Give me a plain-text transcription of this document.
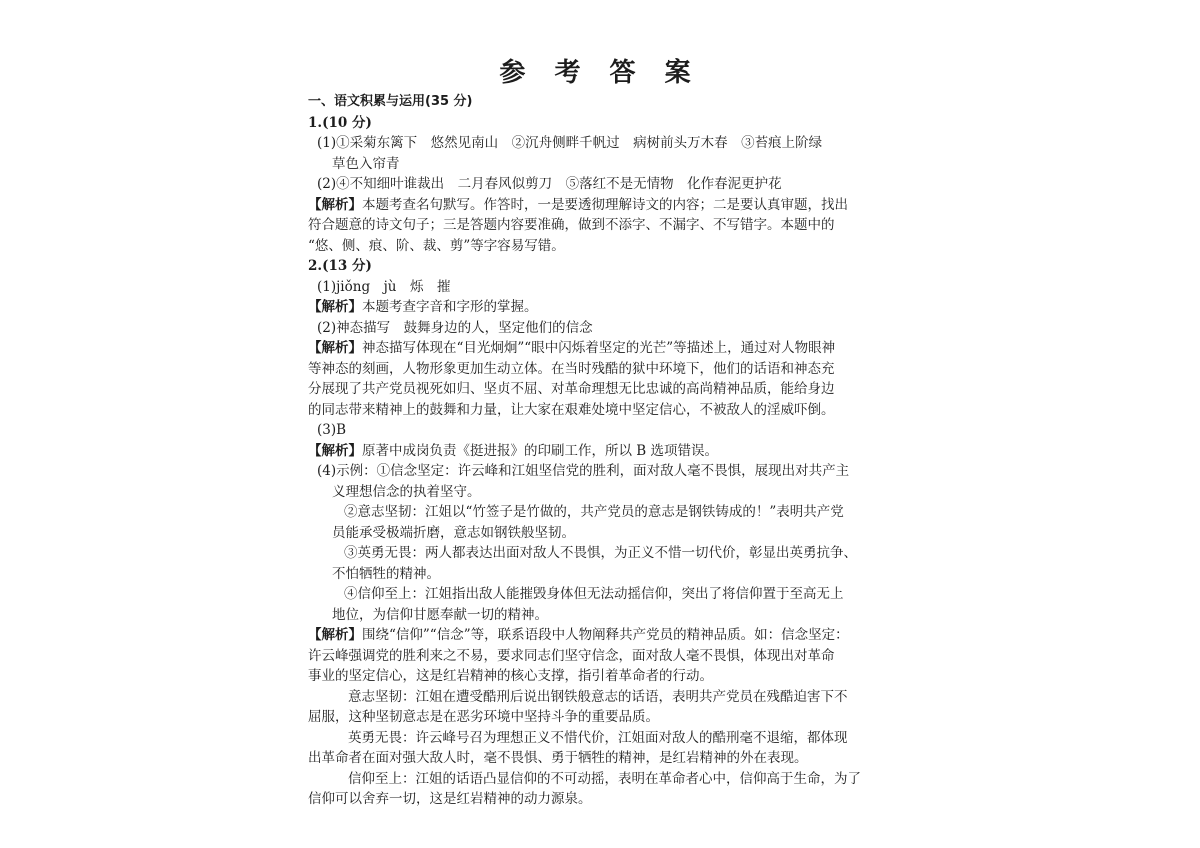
参 考 答 案
一、语文积累与运用(35 分)
1.(10 分)
(1)①采菊东篱下　悠然见南山　②沉舟侧畔千帆过　病树前头万木春　③苔痕上阶绿
草色入帘青
(2)④不知细叶谁裁出　二月春风似剪刀　⑤落红不是无情物　化作春泥更护花
【解析】本题考查名句默写。作答时，一是要透彻理解诗文的内容；二是要认真审题，找出
符合题意的诗文句子；三是答题内容要准确，做到不添字、不漏字、不写错字。本题中的
“悠、侧、痕、阶、裁、剪”等字容易写错。
2.(13 分)
(1)jiǒng　jù　烁　摧
【解析】本题考查字音和字形的掌握。
(2)神态描写　鼓舞身边的人，坚定他们的信念
【解析】神态描写体现在“目光炯炯”“眼中闪烁着坚定的光芒”等描述上，通过对人物眼神
等神态的刻画，人物形象更加生动立体。在当时残酷的狱中环境下，他们的话语和神态充
分展现了共产党员视死如归、坚贞不屈、对革命理想无比忠诚的高尚精神品质，能给身边
的同志带来精神上的鼓舞和力量，让大家在艰难处境中坚定信心，不被敌人的淫威吓倒。
(3)B
【解析】原著中成岗负责《挺进报》的印刷工作，所以 B 选项错误。
(4)示例：①信念坚定：许云峰和江姐坚信党的胜利，面对敌人毫不畏惧，展现出对共产主
义理想信念的执着坚守。
②意志坚韧：江姐以“竹签子是竹做的，共产党员的意志是钢铁铸成的！”表明共产党
员能承受极端折磨，意志如钢铁般坚韧。
③英勇无畏：两人都表达出面对敌人不畏惧，为正义不惜一切代价，彰显出英勇抗争、
不怕牺牲的精神。
④信仰至上：江姐指出敌人能摧毁身体但无法动摇信仰，突出了将信仰置于至高无上
地位，为信仰甘愿奉献一切的精神。
【解析】围绕“信仰”“信念”等，联系语段中人物阐释共产党员的精神品质。如：信念坚定：
许云峰强调党的胜利来之不易，要求同志们坚守信念，面对敌人毫不畏惧，体现出对革命
事业的坚定信心，这是红岩精神的核心支撑，指引着革命者的行动。
意志坚韧：江姐在遭受酷刑后说出钢铁般意志的话语，表明共产党员在残酷迫害下不
屈服，这种坚韧意志是在恶劣环境中坚持斗争的重要品质。
英勇无畏：许云峰号召为理想正义不惜代价，江姐面对敌人的酷刑毫不退缩，都体现
出革命者在面对强大敌人时，毫不畏惧、勇于牺牲的精神，是红岩精神的外在表现。
信仰至上：江姐的话语凸显信仰的不可动摇，表明在革命者心中，信仰高于生命，为了
信仰可以舍弃一切，这是红岩精神的动力源泉。
